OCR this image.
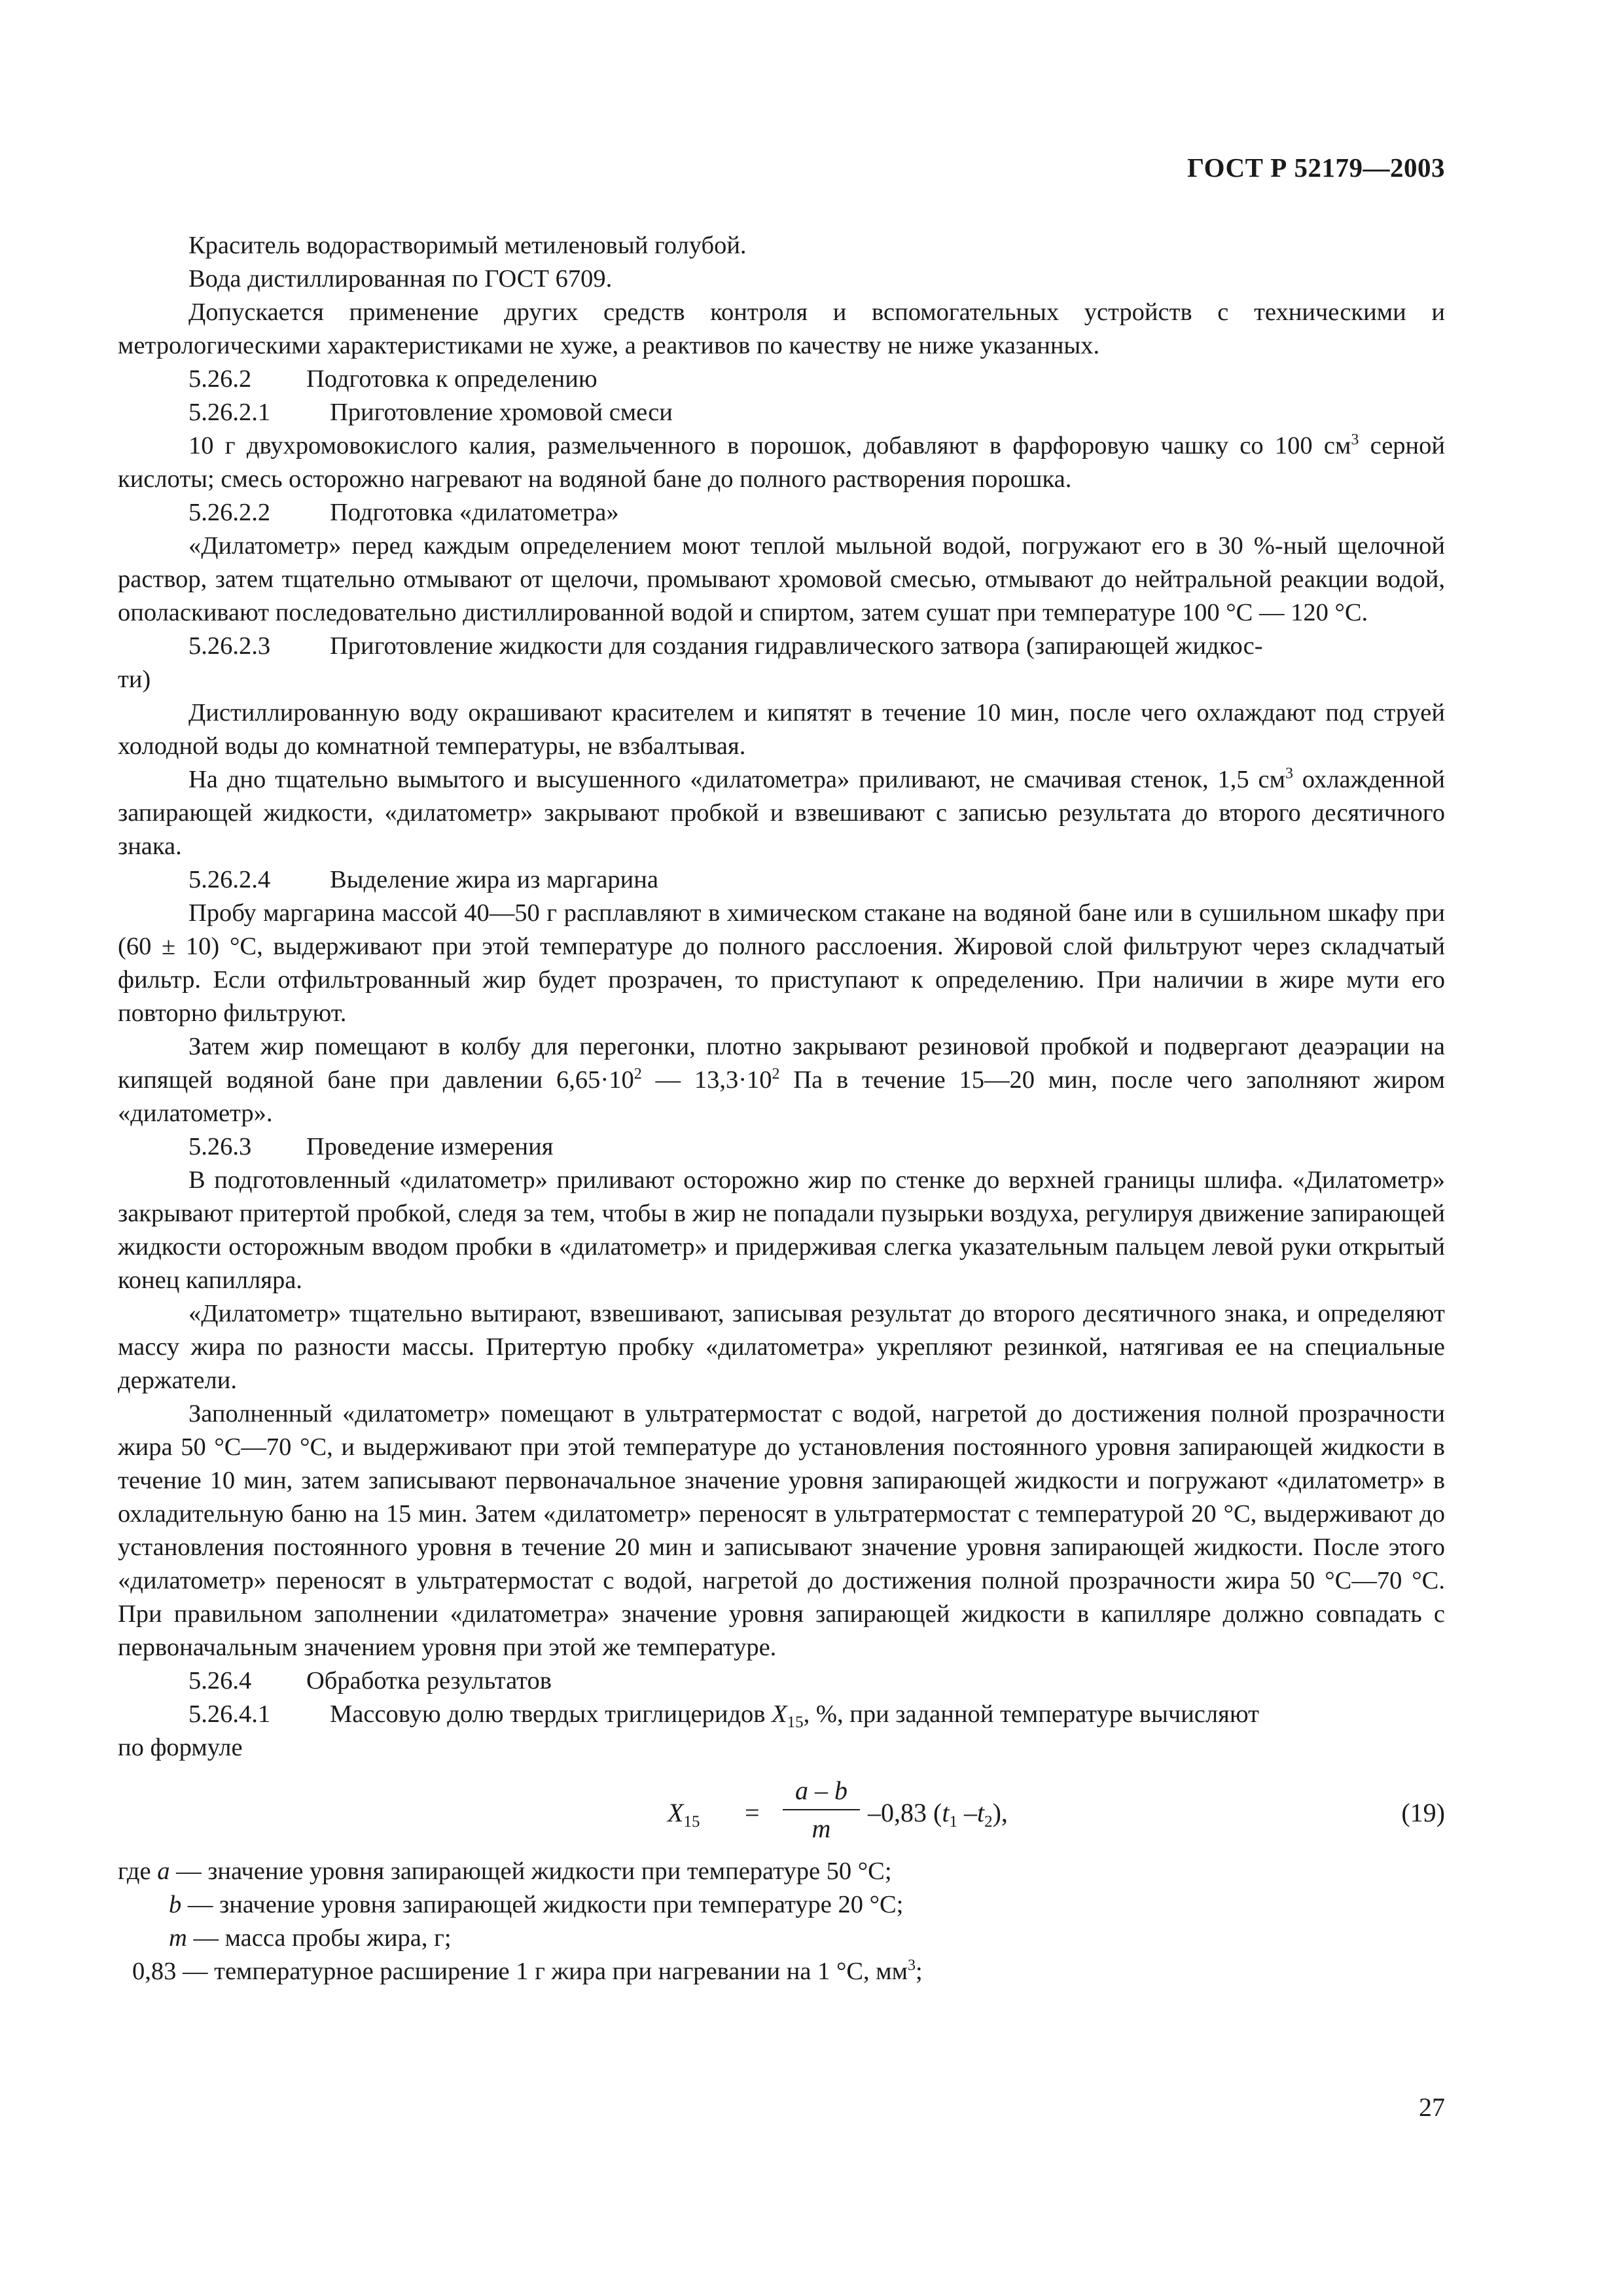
ГОСТ Р 52179—2003

Краситель водорастворимый метиленовый голубой.

Вода дистиллированная по ГОСТ 6709.

Допускается применение других средств контроля и вспомогательных устройств с техническими и метрологическими характеристиками не хуже, а реактивов по качеству не ниже указанных.

5.26.2 Подготовка к определению

5.26.2.1 Приготовление хромовой смеси

10 г двухромовокислого калия, размельченного в порошок, добавляют в фарфоровую чашку со 100 $см^3$ серной кислоты; смесь осторожно нагревают на водяной бане до полного растворения порошка.

5.26.2.2 Подготовка «дилатометра»

«Дилатометр» перед каждым определением моют теплой мыльной водой, погружают его в 30 %-ный щелочной раствор, затем тщательно отмывают от щелочи, промывают хромовой смесью, отмывают до нейтральной реакции водой, ополаскивают последовательно дистиллированной водой и спиртом, затем сушат при температуре 100 °С — 120 °С.

5.26.2.3 Приготовление жидкости для создания гидравлического затвора (запирающей жидкос-

ти)

Дистиллированную воду окрашивают красителем и кипятят в течение 10 мин, после чего охлаждают под струей холодной воды до комнатной температуры, не взбалтывая.

На дно тщательно вымытого и высушенного «дилатометра» приливают, не смачивая стенок, 1,5 $см^3$ охлажденной запирающей жидкости, «дилатометр» закрывают пробкой и взвешивают с записью результата до второго десятичного знака.

5.26.2.4 Выделение жира из маргарина

Пробу маргарина массой 40—50 г расплавляют в химическом стакане на водяной бане или в сушильном шкафу при (60 ± 10) °С, выдерживают при этой температуре до полного расслоения. Жировой слой фильтруют через складчатый фильтр. Если отфильтрованный жир будет прозрачен, то приступают к определению. При наличии в жире мути его повторно фильтруют.

Затем жир помещают в колбу для перегонки, плотно закрывают резиновой пробкой и подвергают деаэрации на кипящей водяной бане при давлении $6,65\cdot 10^2$ — $13,3\cdot 10^2$ Па в течение 15—20 мин, после чего заполняют жиром «дилатометр».

5.26.3 Проведение измерения

В подготовленный «дилатометр» приливают осторожно жир по стенке до верхней границы шлифа. «Дилатометр» закрывают притертой пробкой, следя за тем, чтобы в жир не попадали пузырьки воздуха, регулируя движение запирающей жидкости осторожным вводом пробки в «дилатометр» и придерживая слегка указательным пальцем левой руки открытый конец капилляра.

«Дилатометр» тщательно вытирают, взвешивают, записывая результат до второго десятичного знака, и определяют массу жира по разности массы. Притертую пробку «дилатометра» укрепляют резинкой, натягивая ее на специальные держатели.

Заполненный «дилатометр» помещают в ультратермостат с водой, нагретой до достижения полной прозрачности жира 50 °С—70 °С, и выдерживают при этой температуре до установления постоянного уровня запирающей жидкости в течение 10 мин, затем записывают первоначальное значение уровня запирающей жидкости и погружают «дилатометр» в охладительную баню на 15 мин. Затем «дилатометр» переносят в ультратермостат с температурой 20 °С, выдерживают до установления постоянного уровня в течение 20 мин и записывают значение уровня запирающей жидкости. После этого «дилатометр» переносят в ультратермостат с водой, нагретой до достижения полной прозрачности жира 50 °С—70 °С. При правильном заполнении «дилатометра» значение уровня запирающей жидкости в капилляре должно совпадать с первоначальным значением уровня при этой же температуре.

5.26.4 Обработка результатов

5.26.4.1 Массовую долю твердых триглицеридов $X_{15}$, %, при заданной температуре вычисляют

по формуле

$X_{15}$ =
a – b
m
–0,83 ($t_1$ $-t_2$),	(19)

где a — значение уровня запирающей жидкости при температуре 50 °С;

b — значение уровня запирающей жидкости при температуре 20 °С;

m — масса пробы жира, г;

0,83 — температурное расширение 1 г жира при нагревании на 1 °С, $мм^3$;

27
